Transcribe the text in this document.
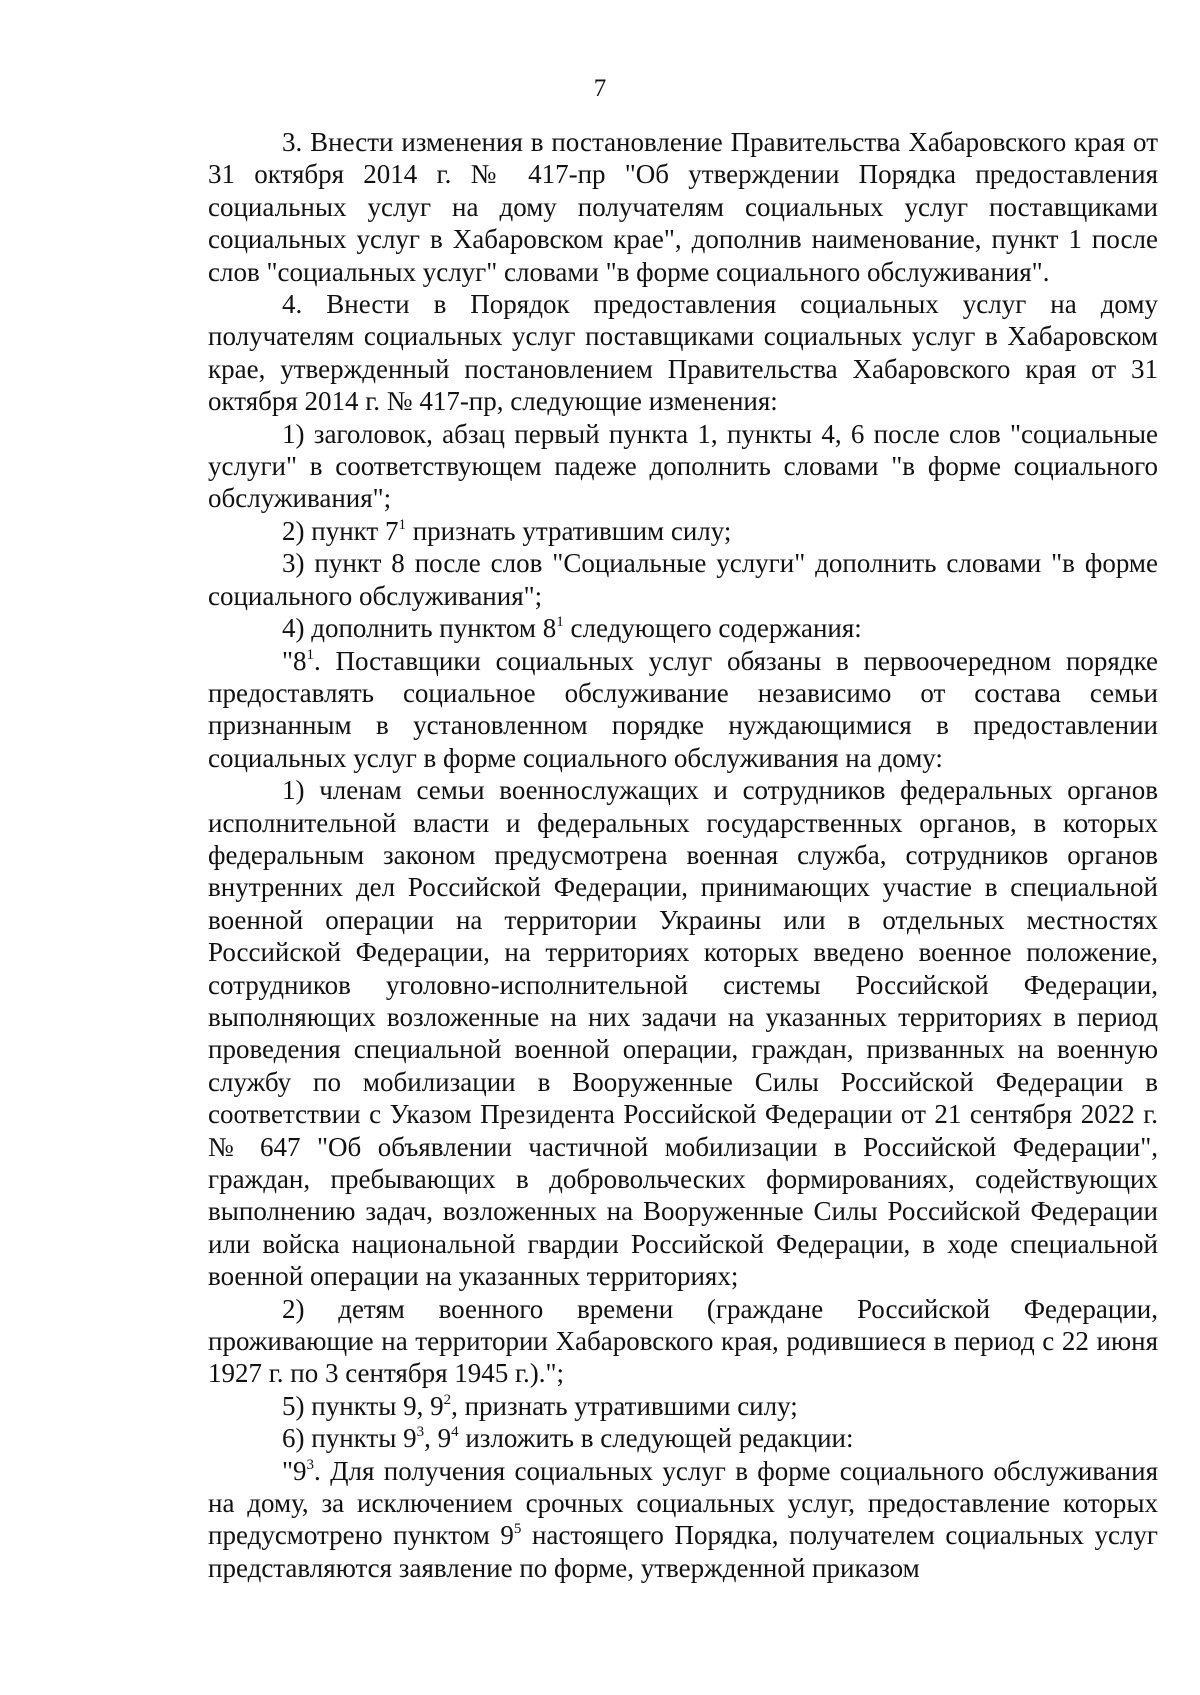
7

3. Внести изменения в постановление Правительства Хабаровского края от 31 октября 2014 г. № 417-пр "Об утверждении Порядка предоставления социальных услуг на дому получателям социальных услуг поставщиками социальных услуг в Хабаровском крае", дополнив наименование, пункт 1 после слов "социальных услуг" словами "в форме социального обслуживания".

4. Внести в Порядок предоставления социальных услуг на дому получателям социальных услуг поставщиками социальных услуг в Хабаровском крае, утвержденный постановлением Правительства Хабаровского края от 31 октября 2014 г. № 417-пр, следующие изменения:

1) заголовок, абзац первый пункта 1, пункты 4, 6 после слов "социальные услуги" в соответствующем падеже дополнить словами "в форме социального обслуживания";

2) пункт $7^1$ признать утратившим силу;

3) пункт 8 после слов "Социальные услуги" дополнить словами "в форме социального обслуживания";

4) дополнить пунктом $8^1$ следующего содержания:

"$8^1$. Поставщики социальных услуг обязаны в первоочередном порядке предоставлять социальное обслуживание независимо от состава семьи признанным в установленном порядке нуждающимися в предоставлении социальных услуг в форме социального обслуживания на дому:

1) членам семьи военнослужащих и сотрудников федеральных органов исполнительной власти и федеральных государственных органов, в которых федеральным законом предусмотрена военная служба, сотрудников органов внутренних дел Российской Федерации, принимающих участие в специальной военной операции на территории Украины или в отдельных местностях Российской Федерации, на территориях которых введено военное положение, сотрудников уголовно-исполнительной системы Российской Федерации, выполняющих возложенные на них задачи на указанных территориях в период проведения специальной военной операции, граждан, призванных на военную службу по мобилизации в Вооруженные Силы Российской Федерации в соответствии с Указом Президента Российской Федерации от 21 сентября 2022 г. № 647 "Об объявлении частичной мобилизации в Российской Федерации", граждан, пребывающих в добровольческих формированиях, содействующих выполнению задач, возложенных на Вооруженные Силы Российской Федерации или войска национальной гвардии Российской Федерации, в ходе специальной военной операции на указанных территориях;

2) детям военного времени (граждане Российской Федерации, проживающие на территории Хабаровского края, родившиеся в период с 22 июня 1927 г. по 3 сентября 1945 г.).";

5) пункты 9, $9^2$, признать утратившими силу;

6) пункты $9^3$, $9^4$ изложить в следующей редакции:

"$9^3$. Для получения социальных услуг в форме социального обслуживания на дому, за исключением срочных социальных услуг, предоставление которых предусмотрено пунктом $9^5$ настоящего Порядка, получателем социальных услуг представляются заявление по форме, утвержденной приказом
